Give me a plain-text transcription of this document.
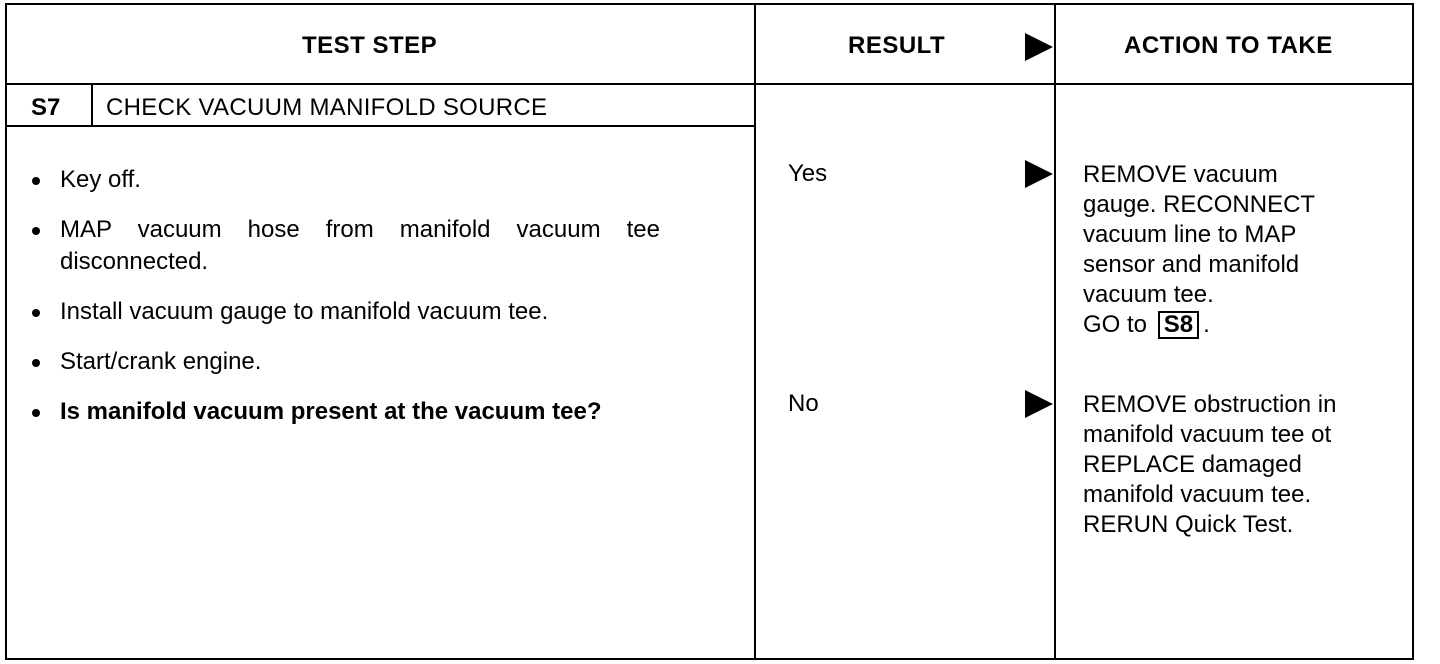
TEST STEP	RESULT	ACTION TO TAKE
S7 CHECK VACUUM MANIFOLD SOURCE
Key off.
MAP vacuum hose from manifold vacuum tee disconnected.
Install vacuum gauge to manifold vacuum tee.
Start/crank engine.
Is manifold vacuum present at the vacuum tee?
Yes	REMOVE vacuum
gauge. RECONNECT
vacuum line to MAP
sensor and manifold
vacuum tee.
GO to S8 .
No	REMOVE obstruction in
manifold vacuum tee ot
REPLACE damaged
manifold vacuum tee.
RERUN Quick Test.
